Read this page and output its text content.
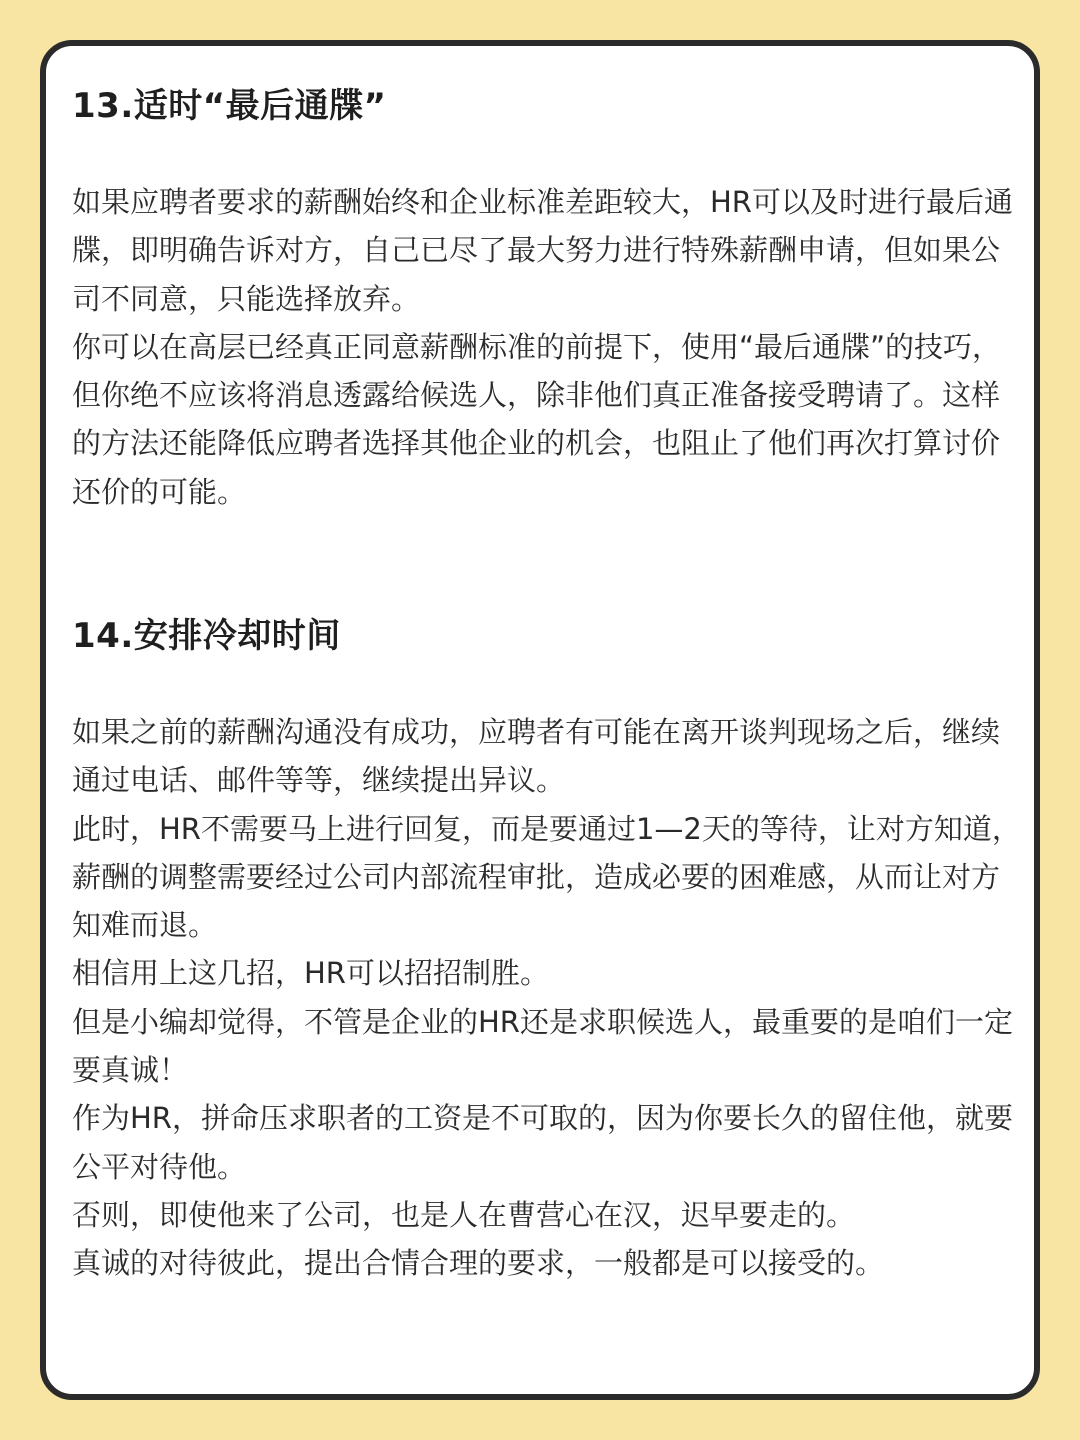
13.适时“最后通牒”

如果应聘者要求的薪酬始终和企业标准差距较大，HR可以及时进行最后通牒，即明确告诉对方，自己已尽了最大努力进行特殊薪酬申请，但如果公司不同意，只能选择放弃。

你可以在高层已经真正同意薪酬标准的前提下，使用“最后通牒”的技巧，但你绝不应该将消息透露给候选人，除非他们真正准备接受聘请了。这样的方法还能降低应聘者选择其他企业的机会，也阻止了他们再次打算讨价还价的可能。

14.安排冷却时间

如果之前的薪酬沟通没有成功，应聘者有可能在离开谈判现场之后，继续通过电话、邮件等等，继续提出异议。

此时，HR不需要马上进行回复，而是要通过1—2天的等待，让对方知道，薪酬的调整需要经过公司内部流程审批，造成必要的困难感，从而让对方知难而退。

相信用上这几招，HR可以招招制胜。

但是小编却觉得，不管是企业的HR还是求职候选人，最重要的是咱们一定要真诚！

作为HR，拼命压求职者的工资是不可取的，因为你要长久的留住他，就要公平对待他。

否则，即使他来了公司，也是人在曹营心在汉，迟早要走的。

真诚的对待彼此，提出合情合理的要求，一般都是可以接受的。
